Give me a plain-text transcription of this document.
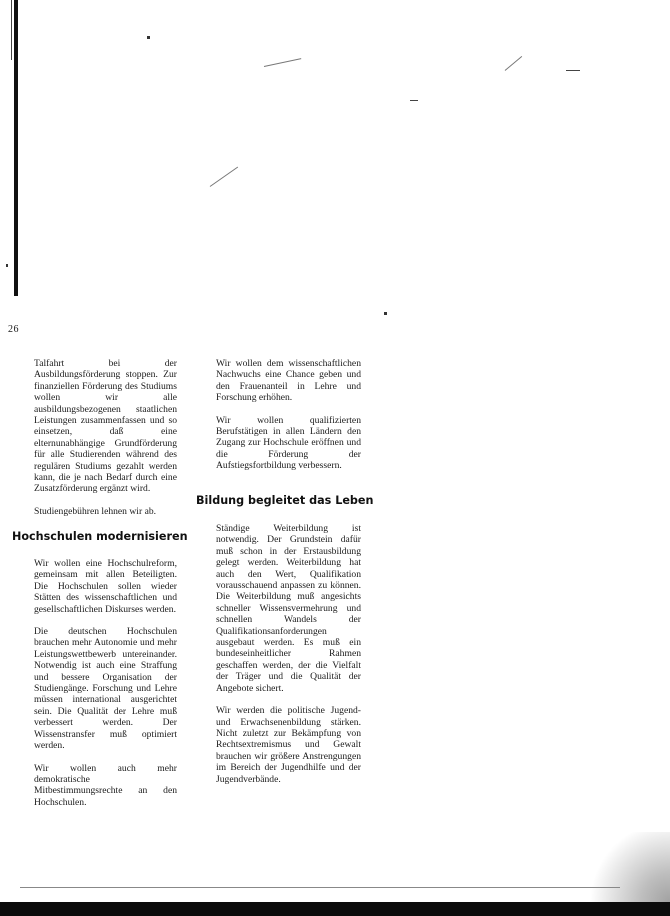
26

Talfahrt bei der Ausbildungsförderung stoppen. Zur finanziellen Förderung des Studiums wollen wir alle ausbildungsbezogenen staatlichen Leistungen zusammenfassen und so einsetzen, daß eine elternunabhängige Grundförderung für alle Studierenden während des regulären Studiums gezahlt werden kann, die je nach Bedarf durch eine Zusatzförderung ergänzt wird.

Studiengebühren lehnen wir ab.

Hochschulen modernisieren

Wir wollen eine Hochschulreform, gemeinsam mit allen Beteiligten. Die Hochschulen sollen wieder Stätten des wissenschaftlichen und gesellschaftlichen Diskurses werden.

Die deutschen Hochschulen brauchen mehr Autonomie und mehr Leistungswettbewerb untereinander. Notwendig ist auch eine Straffung und bessere Organisation der Studiengänge. Forschung und Lehre müssen international ausgerichtet sein. Die Qualität der Lehre muß verbessert werden. Der Wissenstransfer muß optimiert werden.

Wir wollen auch mehr demokratische Mitbestimmungsrechte an den Hochschulen.

Wir wollen dem wissenschaftlichen Nachwuchs eine Chance geben und den Frauenanteil in Lehre und Forschung erhöhen.

Wir wollen qualifizierten Berufstätigen in allen Ländern den Zugang zur Hochschule eröffnen und die Förderung der Aufstiegsfortbildung verbessern.

Bildung begleitet das Leben

Ständige Weiterbildung ist notwendig. Der Grundstein dafür muß schon in der Erstausbildung gelegt werden. Weiterbildung hat auch den Wert, Qualifikation vorausschauend anpassen zu können. Die Weiterbildung muß angesichts schneller Wissensvermehrung und schnellen Wandels der Qualifikationsanforderungen ausgebaut werden. Es muß ein bundeseinheitlicher Rahmen geschaffen werden, der die Vielfalt der Träger und die Qualität der Angebote sichert.

Wir werden die politische Jugend- und Erwachsenenbildung stärken. Nicht zuletzt zur Bekämpfung von Rechtsextremismus und Gewalt brauchen wir größere Anstrengungen im Bereich der Jugendhilfe und der Jugendverbände.
